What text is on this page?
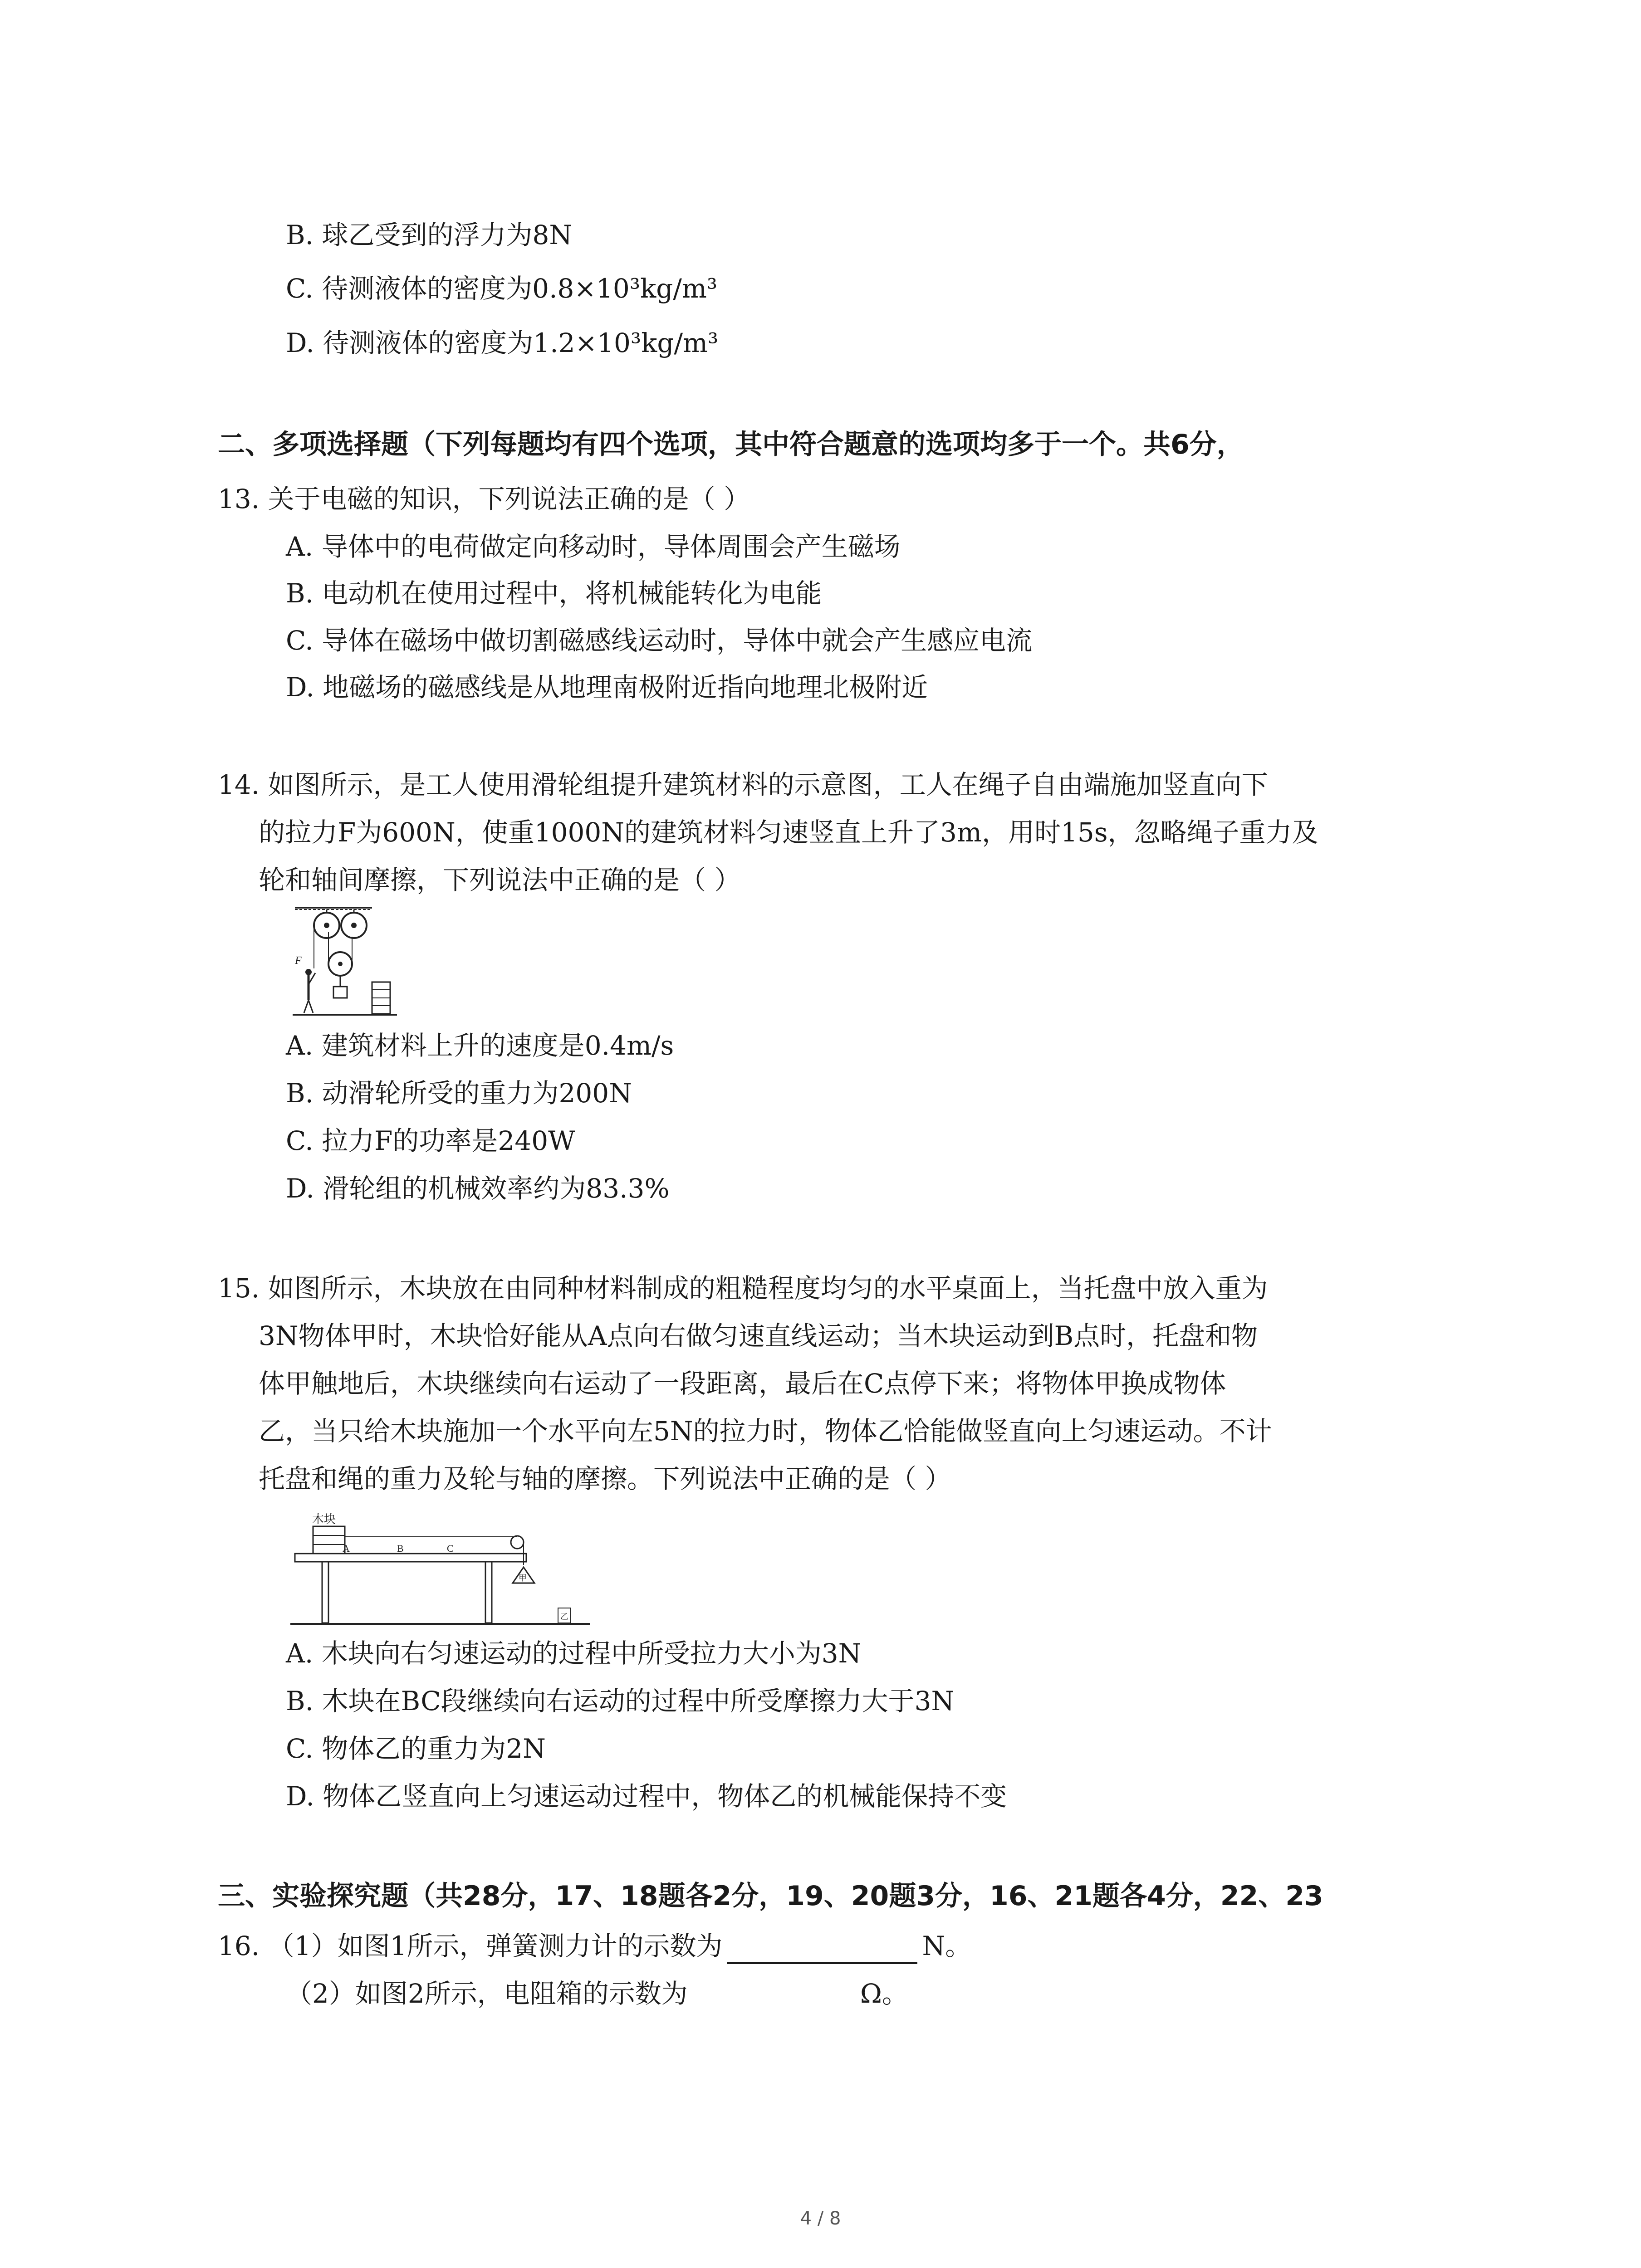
B. 球乙受到的浮力为8N
C. 待测液体的密度为0.8×10³kg/m³
D. 待测液体的密度为1.2×10³kg/m³
二、多项选择题（下列每题均有四个选项，其中符合题意的选项均多于一个。共6分，
13. 关于电磁的知识，下列说法正确的是（ ）
A. 导体中的电荷做定向移动时，导体周围会产生磁场
B. 电动机在使用过程中，将机械能转化为电能
C. 导体在磁场中做切割磁感线运动时，导体中就会产生感应电流
D. 地磁场的磁感线是从地理南极附近指向地理北极附近
14. 如图所示，是工人使用滑轮组提升建筑材料的示意图，工人在绳子自由端施加竖直向下
的拉力F为600N，使重1000N的建筑材料匀速竖直上升了3m，用时15s，忽略绳子重力及
轮和轴间摩擦，下列说法中正确的是（ ）
F
A. 建筑材料上升的速度是0.4m/s
B. 动滑轮所受的重力为200N
C. 拉力F的功率是240W
D. 滑轮组的机械效率约为83.3%
15. 如图所示，木块放在由同种材料制成的粗糙程度均匀的水平桌面上，当托盘中放入重为
3N物体甲时，木块恰好能从A点向右做匀速直线运动；当木块运动到B点时，托盘和物
体甲触地后，木块继续向右运动了一段距离，最后在C点停下来；将物体甲换成物体
乙，当只给木块施加一个水平向左5N的拉力时，物体乙恰能做竖直向上匀速运动。不计
托盘和绳的重力及轮与轴的摩擦。下列说法中正确的是（ ）
木块
A	B	C
甲
乙
A. 木块向右匀速运动的过程中所受拉力大小为3N
B. 木块在BC段继续向右运动的过程中所受摩擦力大于3N
C. 物体乙的重力为2N
D. 物体乙竖直向上匀速运动过程中，物体乙的机械能保持不变
三、实验探究题（共28分，17、18题各2分，19、20题3分，16、21题各4分，22、23
16. （1）如图1所示，弹簧测力计的示数为	N。
（2）如图2所示，电阻箱的示数为	Ω。
4 / 8
